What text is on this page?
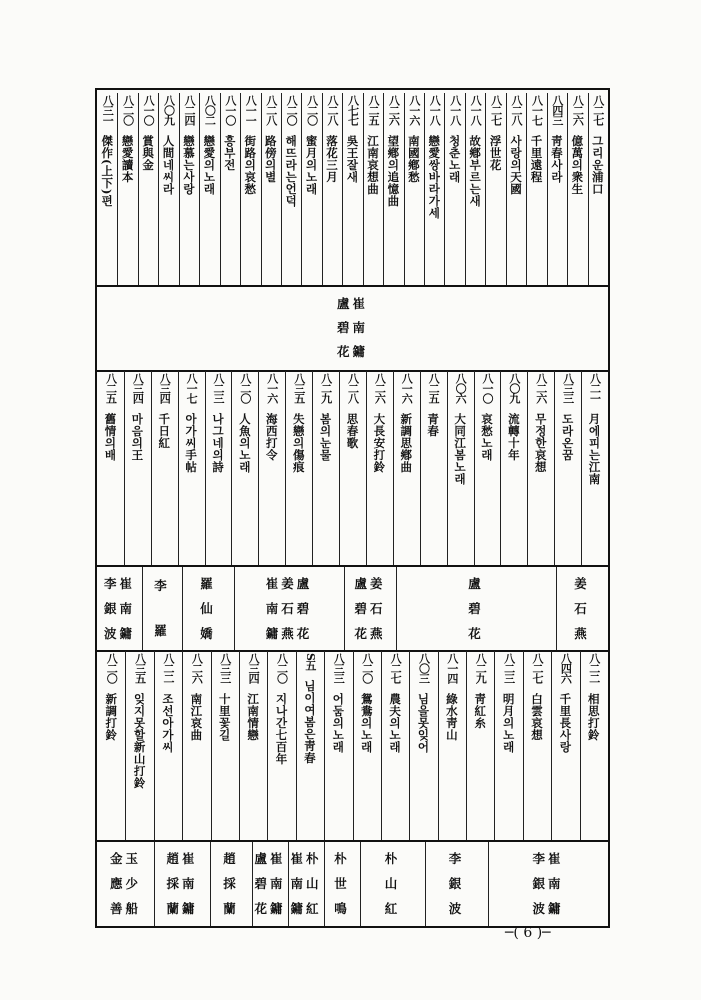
八二七
그리운浦口
八二六
億萬의衆生
八四三
靑春사라
八一七
千里遠程
八二八
사랑의天國
八二七
浮世花
八一八
故鄕부르는새
八一八
청춘노래
八一八
戀愛쌍바라가세
八一六
南國鄕愁
八二六
望鄕의追憶曲
八二五
江南哀想曲
八七七
吳王잘새
八二八
落花三月
八二〇
蜜月의노래
八二〇
해뜨라는언덕
八二八
路傍의별
八一一
街路의哀愁
八一〇
흥부전
八〇二
戀愛의노래
八二四
戀慕는사랑
八〇九
人間네씨라
八一〇
賞與金
八二〇
戀愛讀本
八三一
傑作(上下)편
盧崔
碧南
花鏞
八二一
月에피는江南
八三三
도라온꿈
八二六
무정한哀想
八〇九
流轉十年
八一〇
哀愁노래
八〇六
大同江봄노래
八二五
青春
八一六
新調思鄕曲
八二六
大長安打鈴
八二八
思春歌
八二九
봄의눈물
八三五
失戀의傷痕
八一六
海西打令
八二〇
人魚의노래
八二三
나그네의詩
八一七
아가씨手帖
八三四
千日紅
八三四
마음의王
八二五
舊情의배
姜
石
燕
盧
碧
花
盧姜
碧石
花燕
崔姜盧
南石碧
鏞燕花
羅
仙
嬌
李
羅
李崔
銀南
波鏞
八二二
相思打鈴
八四六
千里長사랑
八二七
白雲哀想
八二三
明月의노래
八二九
靑紅糸
八一四
綠水靑山
八〇三
님을못잊어
八二七
農夫의노래
八二〇
鴛鴦의노래
八三三
어둠의노래
S五
님이여봄은靑春
八二〇
지나간七百年
八三四
江南情戀
八三三
十里꽃길
八二六
南江哀曲
八二二
조선아가씨
八三五
잊지못할新山打鈴
八二〇
新調打鈴
李崔
銀南
波鏞
李
銀
波
朴
山
紅
朴
世
鳴
崔朴
南山
鏞紅
盧崔
碧南
花鏞
趙
採
蘭
趙崔
採南
蘭鏞
金玉
應少
善船
─( 6 )─
